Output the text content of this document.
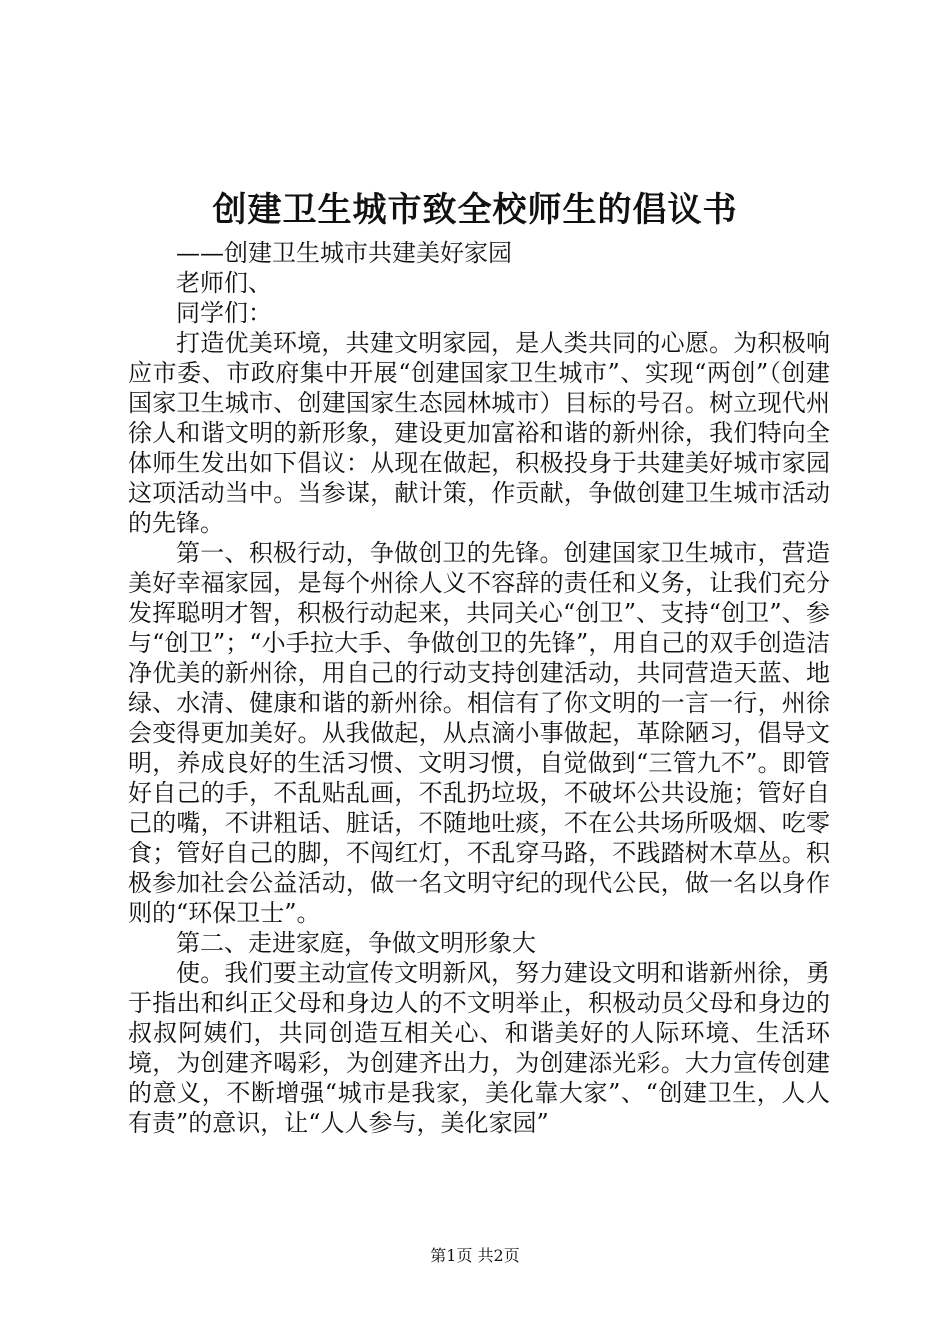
创建卫生城市致全校师生的倡议书

——创建卫生城市共建美好家园

老师们、

同学们：

打造优美环境，共建文明家园，是人类共同的心愿。为积极响应市委、市政府集中开展“创建国家卫生城市”、实现“两创”（创建国家卫生城市、创建国家生态园林城市）目标的号召。树立现代州徐人和谐文明的新形象，建设更加富裕和谐的新州徐，我们特向全体师生发出如下倡议：从现在做起，积极投身于共建美好城市家园这项活动当中。当参谋，献计策，作贡献，争做创建卫生城市活动的先锋。

第一、积极行动，争做创卫的先锋。创建国家卫生城市，营造美好幸福家园，是每个州徐人义不容辞的责任和义务，让我们充分发挥聪明才智，积极行动起来，共同关心“创卫”、支持“创卫”、参与“创卫”；“小手拉大手、争做创卫的先锋”，用自己的双手创造洁净优美的新州徐，用自己的行动支持创建活动，共同营造天蓝、地绿、水清、健康和谐的新州徐。相信有了你文明的一言一行，州徐会变得更加美好。从我做起，从点滴小事做起，革除陋习，倡导文明，养成良好的生活习惯、文明习惯，自觉做到“三管九不”。即管好自己的手，不乱贴乱画，不乱扔垃圾，不破坏公共设施；管好自己的嘴，不讲粗话、脏话，不随地吐痰，不在公共场所吸烟、吃零食；管好自己的脚，不闯红灯，不乱穿马路，不践踏树木草丛。积极参加社会公益活动，做一名文明守纪的现代公民，做一名以身作则的“环保卫士”。

第二、走进家庭，争做文明形象大

使。我们要主动宣传文明新风，努力建设文明和谐新州徐，勇于指出和纠正父母和身边人的不文明举止，积极动员父母和身边的叔叔阿姨们，共同创造互相关心、和谐美好的人际环境、生活环境，为创建齐喝彩，为创建齐出力，为创建添光彩。大力宣传创建的意义，不断增强“城市是我家，美化靠大家”、“创建卫生，人人有责”的意识，让“人人参与，美化家园”

第1页 共2页
